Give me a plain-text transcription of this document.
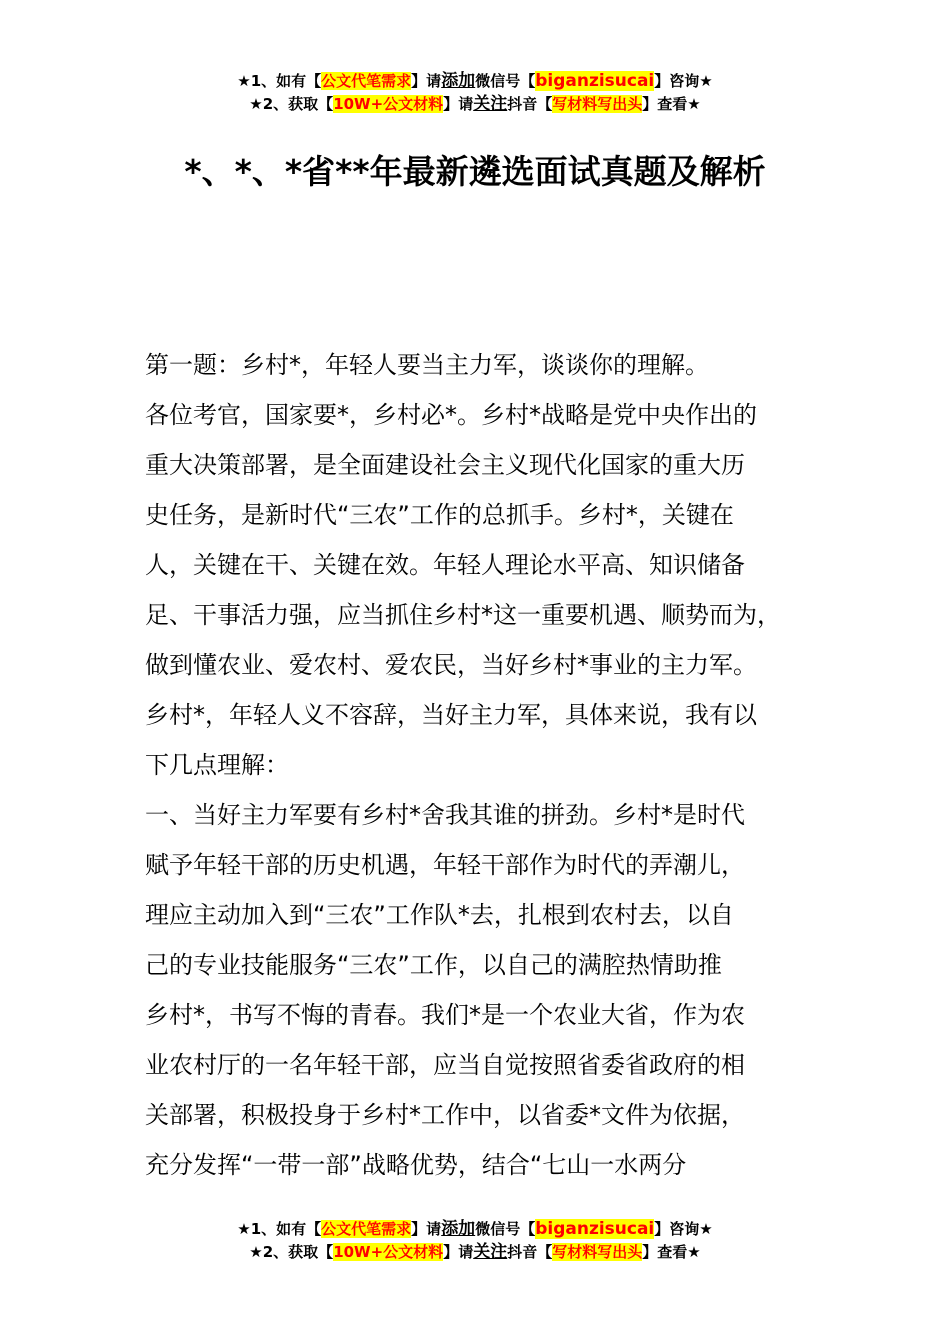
★1、如有【公文代笔需求】请添加微信号【biganzisucai】咨询★
★2、获取【10W+公文材料】请关注抖音【写材料写出头】查看★
*、*、*省**年最新遴选面试真题及解析

第一题：乡村*，年轻人要当主力军，谈谈你的理解。

各位考官，国家要*，乡村必*。乡村*战略是党中央作出的

重大决策部署，是全面建设社会主义现代化国家的重大历

史任务，是新时代“三农”工作的总抓手。乡村*，关键在

人，关键在干、关键在效。年轻人理论水平高、知识储备

足、干事活力强，应当抓住乡村*这一重要机遇、顺势而为，

做到懂农业、爱农村、爱农民，当好乡村*事业的主力军。

乡村*，年轻人义不容辞，当好主力军，具体来说，我有以

下几点理解：

一、当好主力军要有乡村*舍我其谁的拼劲。乡村*是时代

赋予年轻干部的历史机遇，年轻干部作为时代的弄潮儿，

理应主动加入到“三农”工作队*去，扎根到农村去，以自

己的专业技能服务“三农”工作，以自己的满腔热情助推

乡村*，书写不悔的青春。我们*是一个农业大省，作为农

业农村厅的一名年轻干部，应当自觉按照省委省政府的相

关部署，积极投身于乡村*工作中，以省委*文件为依据，

充分发挥“一带一部”战略优势，结合“七山一水两分

★1、如有【公文代笔需求】请添加微信号【biganzisucai】咨询★
★2、获取【10W+公文材料】请关注抖音【写材料写出头】查看★
